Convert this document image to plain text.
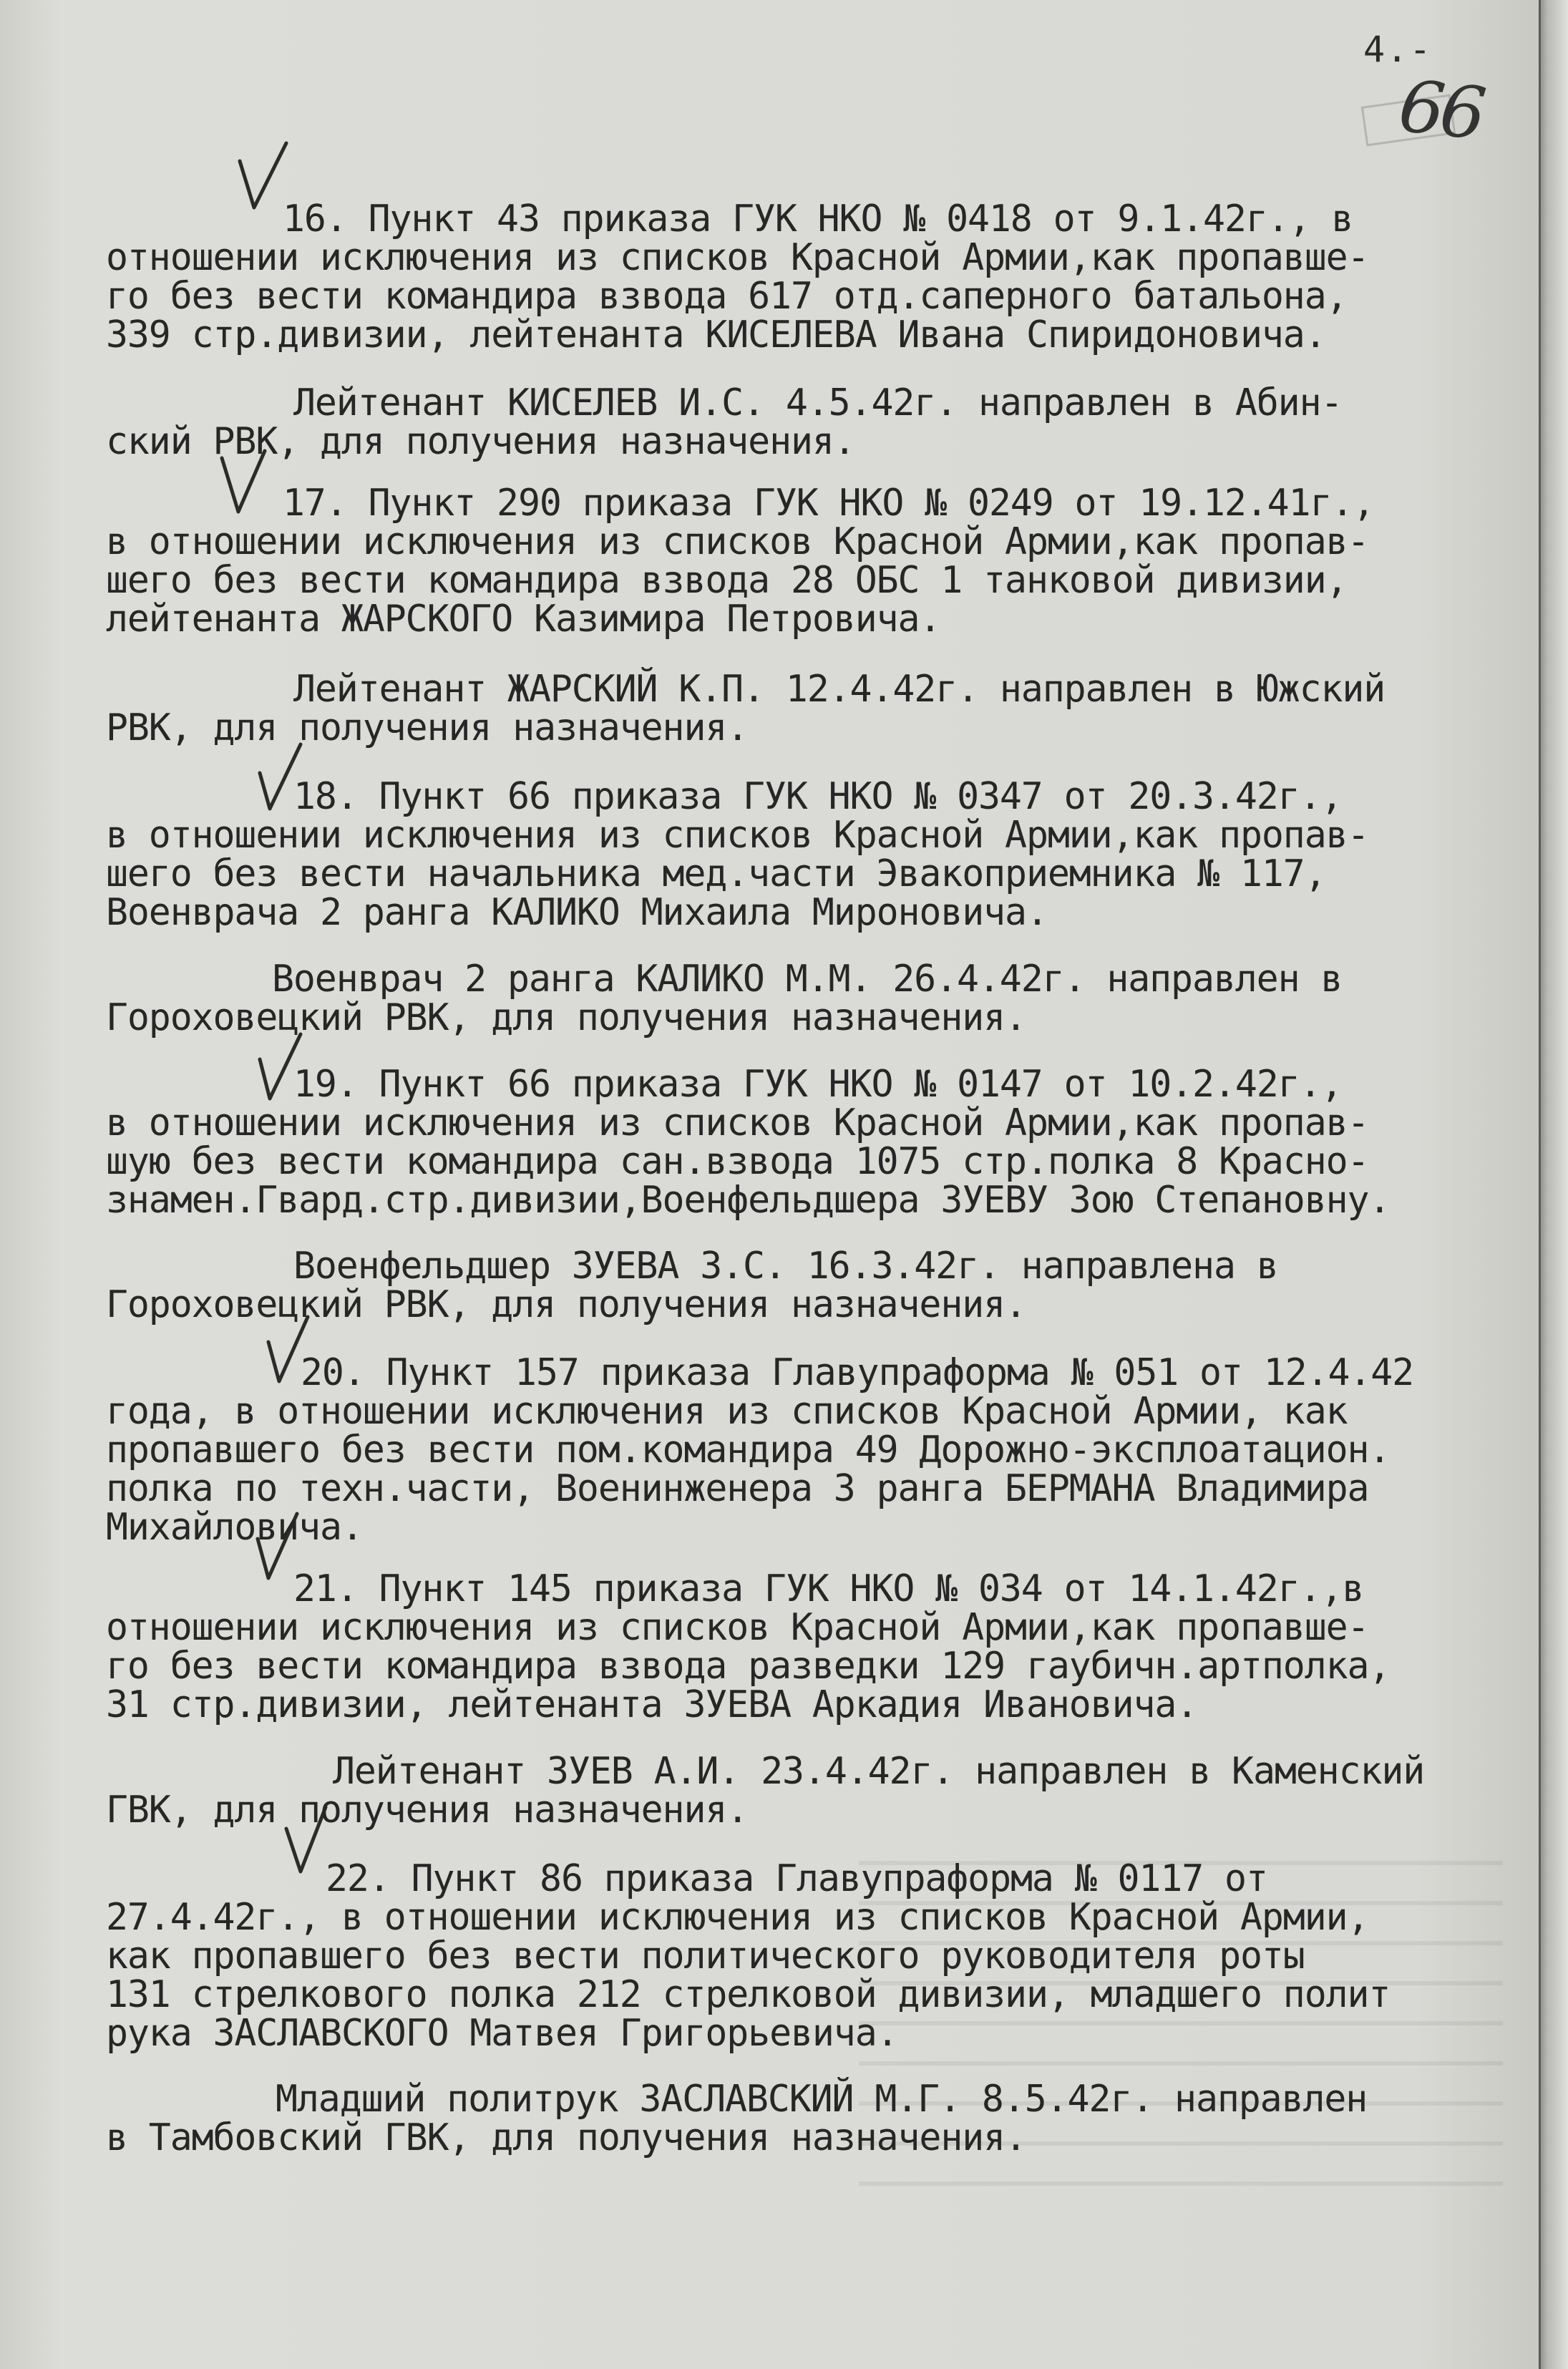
4.-
66
16. Пункт 43 приказа ГУК НКО № 0418 от 9.1.42г., в
отношении исключения из списков Красной Армии,как пропавше-
го без вести командира взвода 617 отд.саперного батальона,
339 стр.дивизии, лейтенанта КИСЕЛЕВА Ивана Спиридоновича.
Лейтенант КИСЕЛЕВ И.С. 4.5.42г. направлен в Абин-
ский РВК, для получения назначения.
17. Пункт 290 приказа ГУК НКО № 0249 от 19.12.41г.,
в отношении исключения из списков Красной Армии,как пропав-
шего без вести командира взвода 28 ОБС 1 танковой дивизии,
лейтенанта ЖАРСКОГО Казимира Петровича.
Лейтенант ЖАРСКИЙ К.П. 12.4.42г. направлен в Южский
РВК, для получения назначения.
18. Пункт 66 приказа ГУК НКО № 0347 от 20.3.42г.,
в отношении исключения из списков Красной Армии,как пропав-
шего без вести начальника мед.части Эвакоприемника № 117,
Военврача 2 ранга КАЛИКО Михаила Мироновича.
Военврач 2 ранга КАЛИКО М.М. 26.4.42г. направлен в
Гороховецкий РВК, для получения назначения.
19. Пункт 66 приказа ГУК НКО № 0147 от 10.2.42г.,
в отношении исключения из списков Красной Армии,как пропав-
шую без вести командира сан.взвода 1075 стр.полка 8 Красно-
знамен.Гвард.стр.дивизии,Военфельдшера ЗУЕВУ Зою Степановну.
Военфельдшер ЗУЕВА З.С. 16.3.42г. направлена в
Гороховецкий РВК, для получения назначения.
20. Пункт 157 приказа Главупраформа № 051 от 12.4.42
года, в отношении исключения из списков Красной Армии, как
пропавшего без вести пом.командира 49 Дорожно-эксплоатацион.
полка по техн.части, Военинженера 3 ранга БЕРМАНА Владимира
Михайловича.
21. Пункт 145 приказа ГУК НКО № 034 от 14.1.42г.,в
отношении исключения из списков Красной Армии,как пропавше-
го без вести командира взвода разведки 129 гаубичн.артполка,
31 стр.дивизии, лейтенанта ЗУЕВА Аркадия Ивановича.
Лейтенант ЗУЕВ А.И. 23.4.42г. направлен в Каменский
ГВК, для получения назначения.
22. Пункт 86 приказа Главупраформа № 0117 от
27.4.42г., в отношении исключения из списков Красной Армии,
как пропавшего без вести политического руководителя роты
131 стрелкового полка 212 стрелковой дивизии, младшего полит
рука ЗАСЛАВСКОГО Матвея Григорьевича.
Младший политрук ЗАСЛАВСКИЙ М.Г. 8.5.42г. направлен
в Тамбовский ГВК, для получения назначения.
